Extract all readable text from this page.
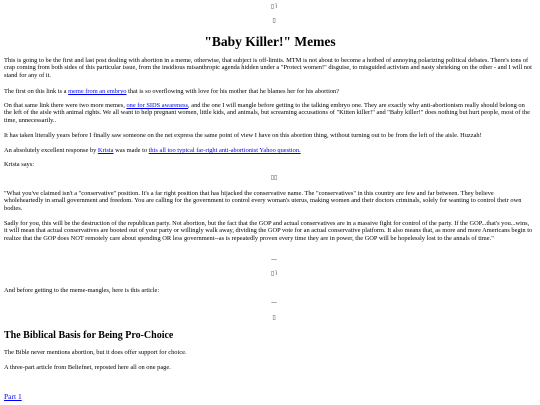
▯ ì
▯
"Baby Killer!" Memes

This is going to be the first and last post dealing with abortion in a meme, otherwise, that subject is off-limits. MTM is not about to become a hotbed of annoying polarizing political debates. There's tons of crap coming from both sides of this particular issue, from the insidious misanthropic agenda hidden under a "Protect women!" disguise, to misguided activism and nasty shrieking on the other - and I will not stand for any of it.

The first on this link is a meme from an embryo that is so overflowing with love for his mother that he blames her for his abortion?

On that same link there were two more memes, one for SIDS awareness, and the one I will mangle before getting to the talking embryo one. They are exactly why anti-abortionism really should belong on the left of the aisle with animal rights. We all want to help pregnant women, little kids, and animals, but screaming accusations of "Kitten killer!" and "Baby killer!" does nothing but hurt people, most of the time, unnecessarily..

It has taken literally years before I finally saw someone on the net express the same point of view I have on this abortion thing, without turning out to be from the left of the aisle. Huzzah!

An absolutely excellent response by Krista was made to this all too typical far-right anti-abortionist Yahoo question.

Krista says:

▯▯

"What you've claimed isn't a "conservative" position. It's a far right position that has hijacked the conservative name. The "conservatives" in this country are few and far between. They believe wholeheartedly in small government and freedom. You are calling for the government to control every woman's uterus, making women and their doctors criminals, solely for wanting to control their own bodies.

Sadly for you, this will be the destruction of the republican party. Not abortion, but the fact that the GOP and actual conservatives are in a massive fight for control of the party. If the GOP...that's you...wins, it will mean that actual conservatives are booted out of your party or willingly walk away, dividing the GOP vote for an actual conservative platform. It also means that, as more and more Americans begin to realize that the GOP does NOT remotely care about spending OR less government--as is repeatedly proven every time they are in power, the GOP will be hopelessly lost to the annals of time."

—
▯ ì

And before getting to the meme-mangles, here is this article:

—
▯
The Biblical Basis for Being Pro-Choice

The Bible never mentions abortion, but it does offer support for choice.

A three-part article from Beliefnet, reposted here all on one page.

Part 1
